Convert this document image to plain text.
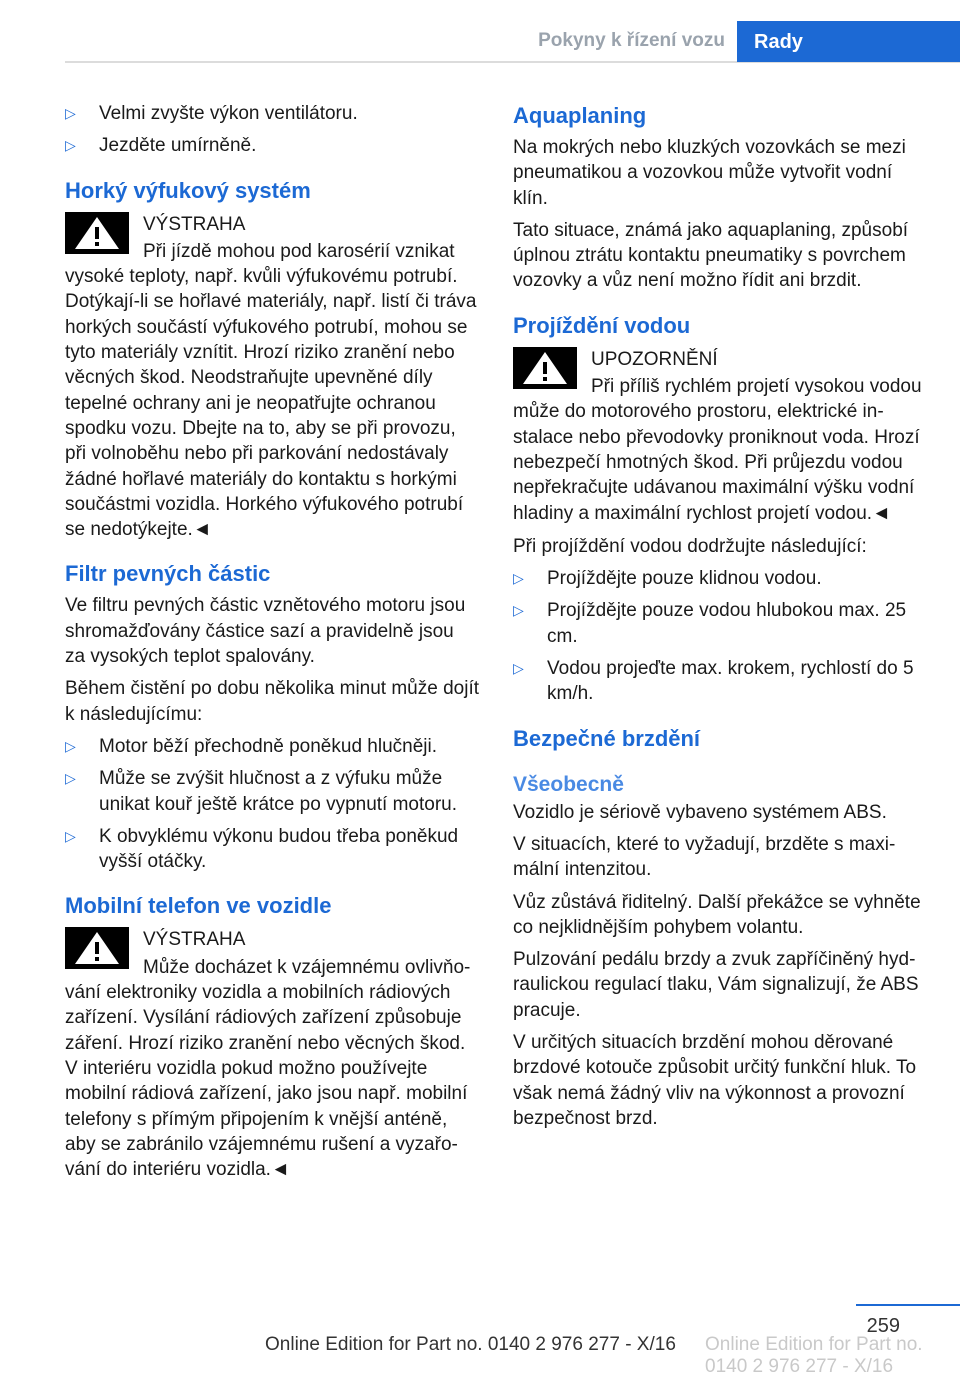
Pokyny k řízení vozu	Rady
▷ Velmi zvyšte výkon ventilátoru.
▷ Jezděte umírněně.
Horký výfukový systém
VÝSTRAHA
Při jízdě mohou pod karosérií vznikat vysoké teploty, např. kvůli výfukovému potrubí. Dotýkají-li se hořlavé materiály, např. listí či tráva horkých součástí výfukového potrubí, mohou se tyto materiály vznítit. Hrozí riziko zranění nebo věcných škod. Neodstraňujte upevněné díly tepelné ochrany ani je neopatřujte ochranou spodku vozu. Dbejte na to, aby se při provozu, při volnoběhu nebo při parkování nedostávaly žádné hořlavé materiály do kontaktu s horkými součástmi vozidla. Horkého výfukového potrubí se nedotýkejte.◄
Filtr pevných částic

Ve filtru pevných částic vznětového motoru jsou shromažďovány částice sazí a pravidelně jsou za vysokých teplot spalovány.

Během čistění po dobu několika minut může dojít k následujícímu:

▷ Motor běží přechodně poněkud hlučněji.
▷ Může se zvýšit hlučnost a z výfuku může unikat kouř ještě krátce po vypnutí motoru.
▷ K obvyklému výkonu budou třeba poněkud vyšší otáčky.
Mobilní telefon ve vozidle
VÝSTRAHA
Může docházet k vzájemnému ovlivňování elektroniky vozidla a mobilních rádiových zařízení. Vysílání rádiových zařízení způsobuje záření. Hrozí riziko zranění nebo věcných škod. V interiéru vozidla pokud možno používejte mobilní rádiová zařízení, jako jsou např. mobilní telefony s přímým připojením k vnější anténě, aby se zabránilo vzájemnému rušení a vyzařování do interiéru vozidla.◄
Aquaplaning

Na mokrých nebo kluzkých vozovkách se mezi pneumatikou a vozovkou může vytvořit vodní klín.

Tato situace, známá jako aquaplaning, způsobí úplnou ztrátu kontaktu pneumatiky s povrchem vozovky a vůz není možno řídit ani brzdit.

Projíždění vodou
UPOZORNĚNÍ
Při příliš rychlém projetí vysokou vodou může do motorového prostoru, elektrické instalace nebo převodovky proniknout voda. Hrozí nebezpečí hmotných škod. Při průjezdu vodou nepřekračujte udávanou maximální výšku vodní hladiny a maximální rychlost projetí vodou.◄

Při projíždění vodou dodržujte následující:

▷ Projíždějte pouze klidnou vodou.
▷ Projíždějte pouze vodou hlubokou max. 25 cm.
▷ Vodou projeďte max. krokem, rychlostí do 5 km/h.
Bezpečné brzdění
Všeobecně

Vozidlo je sériově vybaveno systémem ABS.

V situacích, které to vyžadují, brzděte s maximální intenzitou.

Vůz zůstává řiditelný. Další překážce se vyhněte co nejklidnějším pohybem volantu.

Pulzování pedálu brzdy a zvuk zapříčiněný hydraulickou regulací tlaku, Vám signalizují, že ABS pracuje.

V určitých situacích brzdění mohou děrované brzdové kotouče způsobit určitý funkční hluk. To však nemá žádný vliv na výkonnost a provozní bezpečnost brzd.

259
Online Edition for Part no. 0140 2 976 277 - X/16 Online Edition for Part no. 0140 2 976 277 - X/16
